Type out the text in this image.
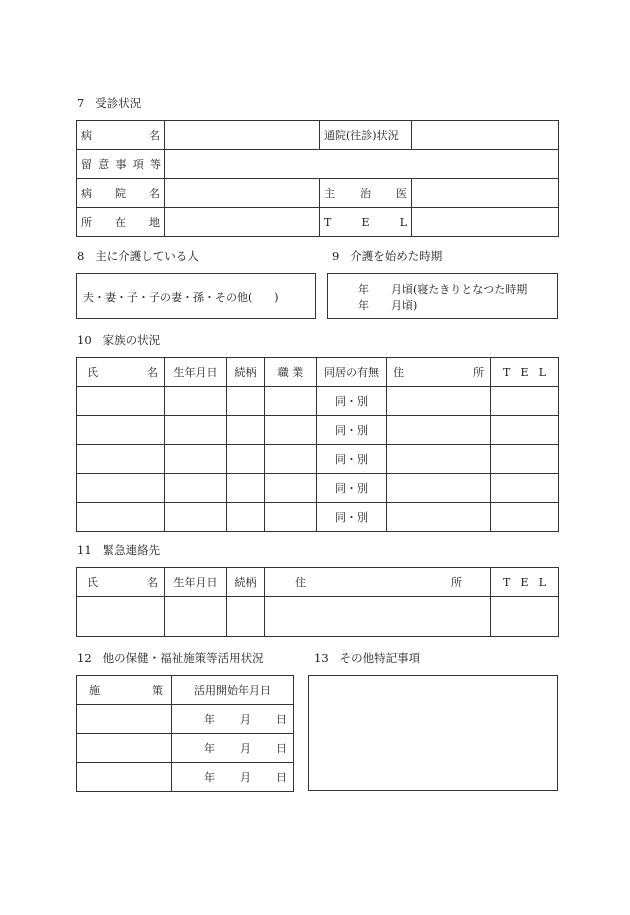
7 受診状況
病 名		通院(往診)状況	

留 意 事 項 等			

病 院 名		主 治 医	

所 在 地		T E L	

8 主に介護している人
夫・妻・子・子の妻・孫・その他(　　)
9 介護を始めた時期
年 月頃(寝たきりとなつた時期
年 月頃)
10 家族の状況
氏 名	生年月日	続柄	職 業	同居の有無	住 所	T E L

				同・別		
				同・別		
				同・別		
				同・別		
				同・別		
11 緊急連絡先
氏 名	生年月日	続柄	住 所	T E L

12 他の保健・福祉施策等活用状況
施 策	活用開始年月日

	年 月 日

	年 月 日

	年 月 日
13 その他特記事項
